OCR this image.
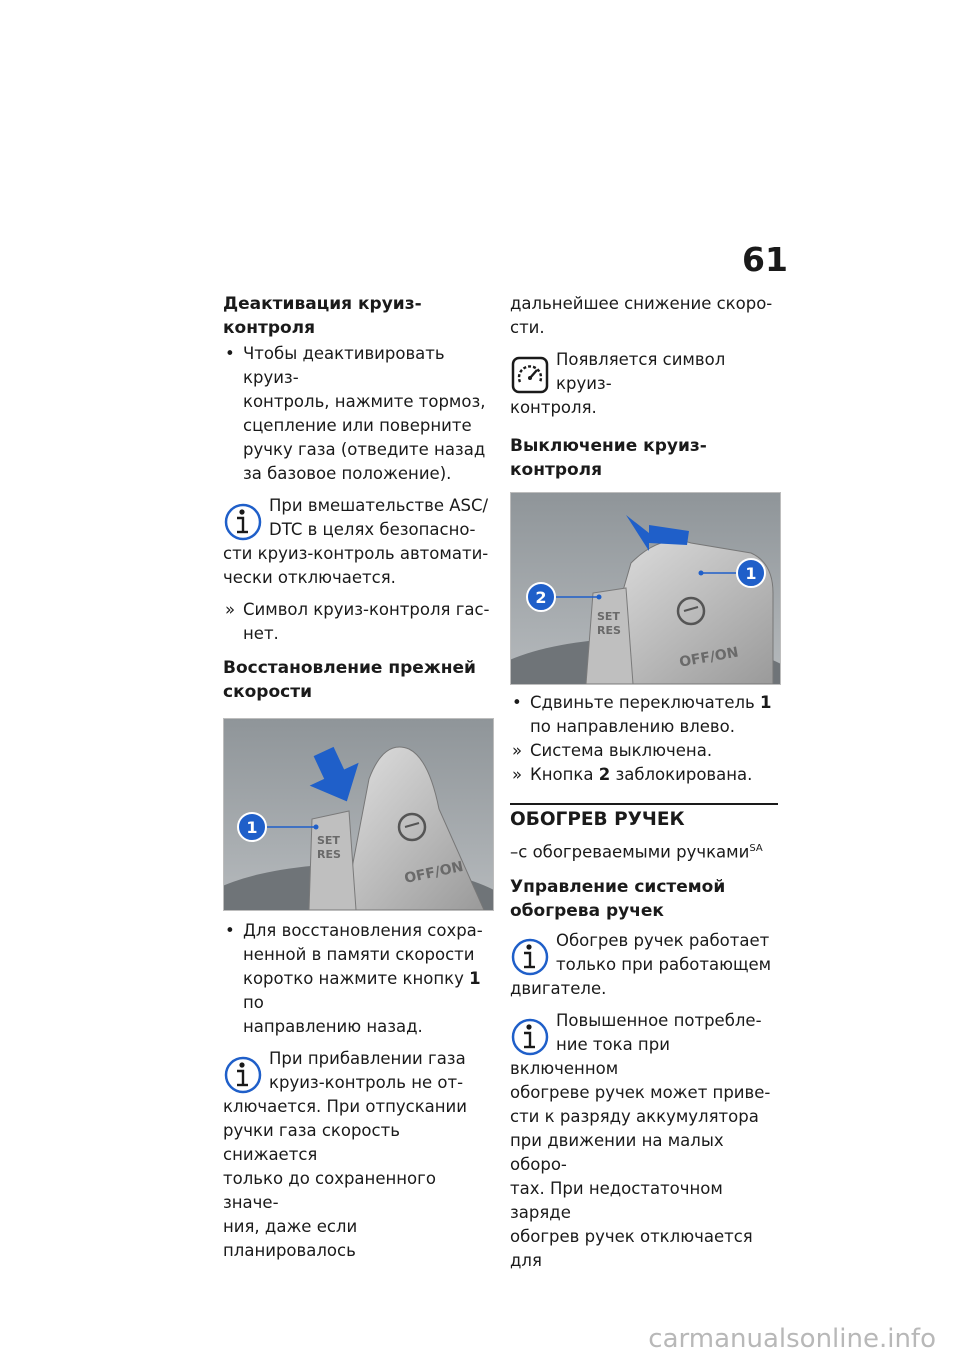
61
Деактивация круиз-
контроля
• Чтобы деактивировать круиз-
контроль, нажмите тормоз,
сцепление или поверните
ручку газа (отведите назад
за базовое положение).
При вмешательстве ASC/
DTC в целях безопасно-
сти круиз-контроль автомати-
чески отключается.
» Символ круиз-контроля гас-
нет.
Восстановление прежней
скорости
SET
RES
OFF/ON
1
• Для восстановления сохра-
ненной в памяти скорости
коротко нажмите кнопку 1 по
направлению назад.
При прибавлении газа
круиз-контроль не от-
ключается. При отпускании
ручки газа скорость снижается
только до сохраненного значе-
ния, даже если планировалось
дальнейшее снижение скоро-
сти.
Появляется символ круиз-
контроля.
Выключение круиз-
контроля
SET
RES
OFF/ON
2
1
• Сдвиньте переключатель 1
по направлению влево.
» Система выключена.
» Кнопка 2 заблокирована.
ОБОГРЕВ РУЧЕК
–с обогреваемыми ручками$^{SA}$
Управление системой
обогрева ручек
Обогрев ручек работает
только при работающем
двигателе.
Повышенное потребле-
ние тока при включенном
обогреве ручек может приве-
сти к разряду аккумулятора
при движении на малых оборо-
тах. При недостаточном заряде
обогрев ручек отключается для
carmanualsonline.info
